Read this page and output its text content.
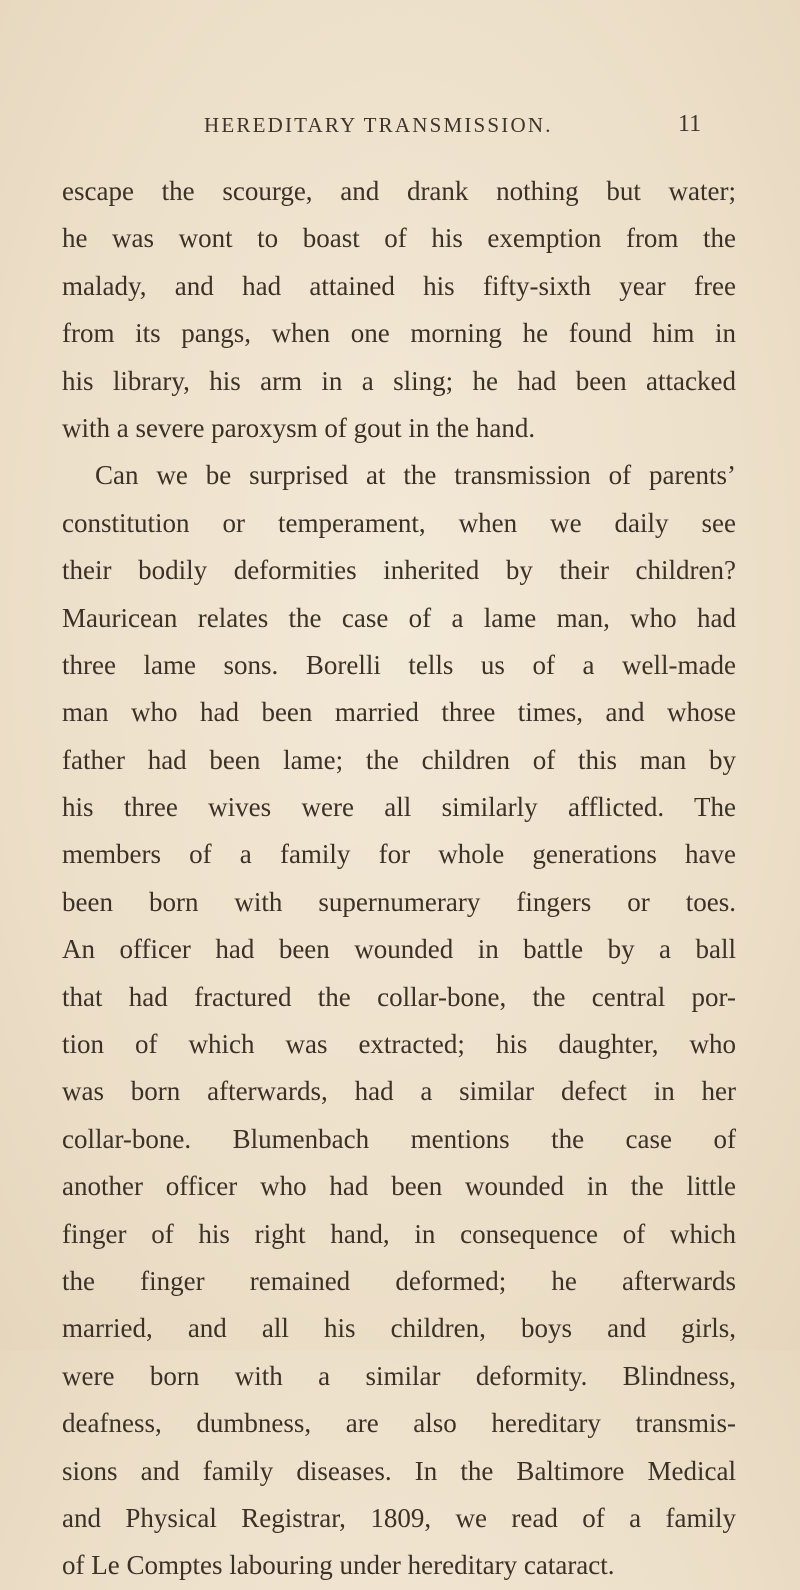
HEREDITARY TRANSMISSION.	11
escape the scourge, and drank nothing but water;
he was wont to boast of his exemption from the
malady, and had attained his fifty-sixth year free
from its pangs, when one morning he found him in
his library, his arm in a sling; he had been attacked
with a severe paroxysm of gout in the hand.
Can we be surprised at the transmission of parents’
constitution or temperament, when we daily see
their bodily deformities inherited by their children?
Mauricean relates the case of a lame man, who had
three lame sons. Borelli tells us of a well-made
man who had been married three times, and whose
father had been lame; the children of this man by
his three wives were all similarly afflicted. The
members of a family for whole generations have
been born with supernumerary fingers or toes.
An officer had been wounded in battle by a ball
that had fractured the collar-bone, the central por-
tion of which was extracted; his daughter, who
was born afterwards, had a similar defect in her
collar-bone. Blumenbach mentions the case of
another officer who had been wounded in the little
finger of his right hand, in consequence of which
the finger remained deformed; he afterwards
married, and all his children, boys and girls,
were born with a similar deformity. Blindness,
deafness, dumbness, are also hereditary transmis-
sions and family diseases. In the Baltimore Medical
and Physical Registrar, 1809, we read of a family
of Le Comptes labouring under hereditary cataract.
